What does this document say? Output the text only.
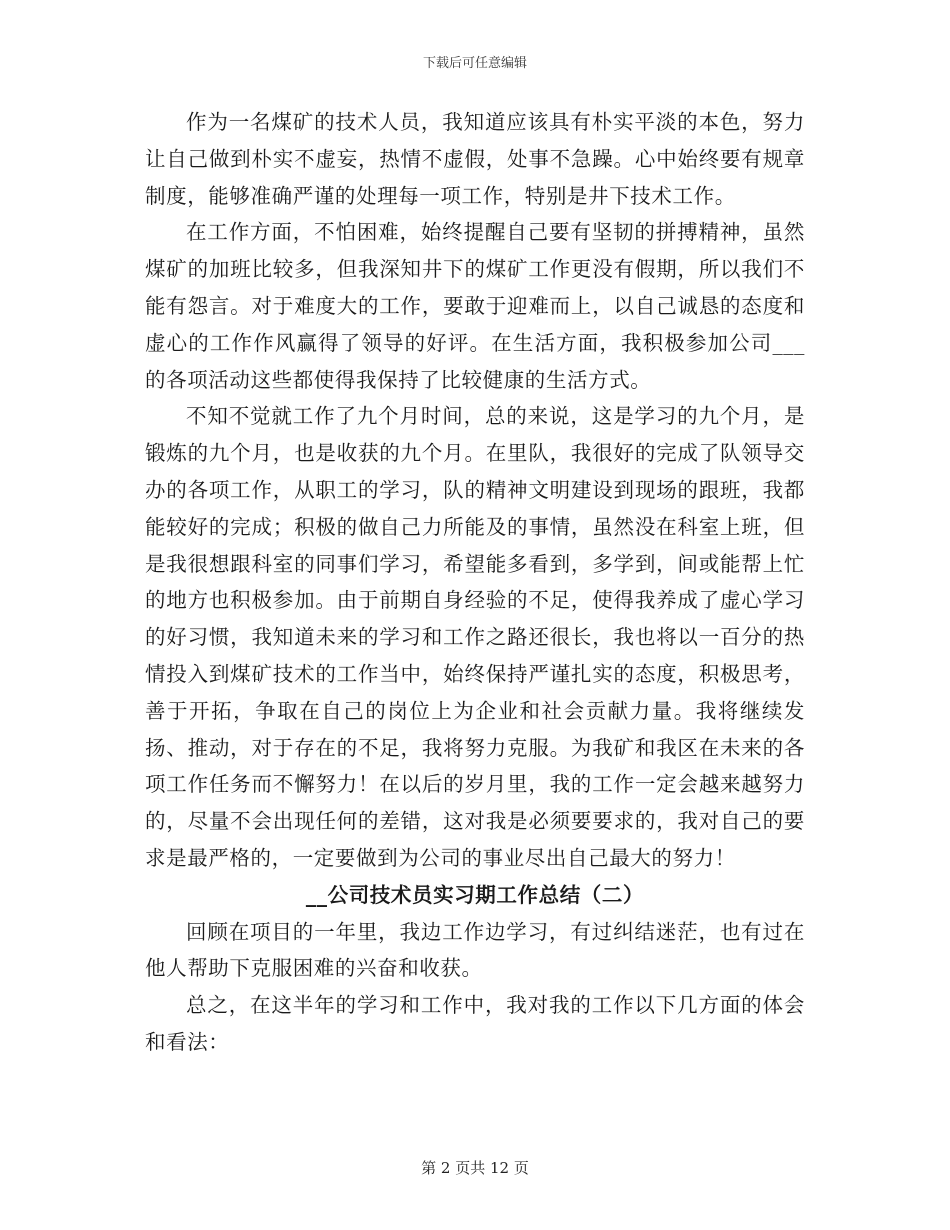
下载后可任意编辑

作为一名煤矿的技术人员，我知道应该具有朴实平淡的本色，努力让自己做到朴实不虚妄，热情不虚假，处事不急躁。心中始终要有规章制度，能够准确严谨的处理每一项工作，特别是井下技术工作。

在工作方面，不怕困难，始终提醒自己要有坚韧的拼搏精神，虽然煤矿的加班比较多，但我深知井下的煤矿工作更没有假期，所以我们不能有怨言。对于难度大的工作，要敢于迎难而上，以自己诚恳的态度和虚心的工作作风赢得了领导的好评。在生活方面，我积极参加公司___的各项活动这些都使得我保持了比较健康的生活方式。

不知不觉就工作了九个月时间，总的来说，这是学习的九个月，是锻炼的九个月，也是收获的九个月。在里队，我很好的完成了队领导交办的各项工作，从职工的学习，队的精神文明建设到现场的跟班，我都能较好的完成；积极的做自己力所能及的事情，虽然没在科室上班，但是我很想跟科室的同事们学习，希望能多看到，多学到，间或能帮上忙的地方也积极参加。由于前期自身经验的不足，使得我养成了虚心学习的好习惯，我知道未来的学习和工作之路还很长，我也将以一百分的热情投入到煤矿技术的工作当中，始终保持严谨扎实的态度，积极思考，善于开拓，争取在自己的岗位上为企业和社会贡献力量。我将继续发扬、推动，对于存在的不足，我将努力克服。为我矿和我区在未来的各项工作任务而不懈努力！在以后的岁月里，我的工作一定会越来越努力的，尽量不会出现任何的差错，这对我是必须要要求的，我对自己的要求是最严格的，一定要做到为公司的事业尽出自己最大的努力！

__公司技术员实习期工作总结（二）

回顾在项目的一年里，我边工作边学习，有过纠结迷茫，也有过在他人帮助下克服困难的兴奋和收获。

总之，在这半年的学习和工作中，我对我的工作以下几方面的体会和看法：

第 2 页共 12 页
